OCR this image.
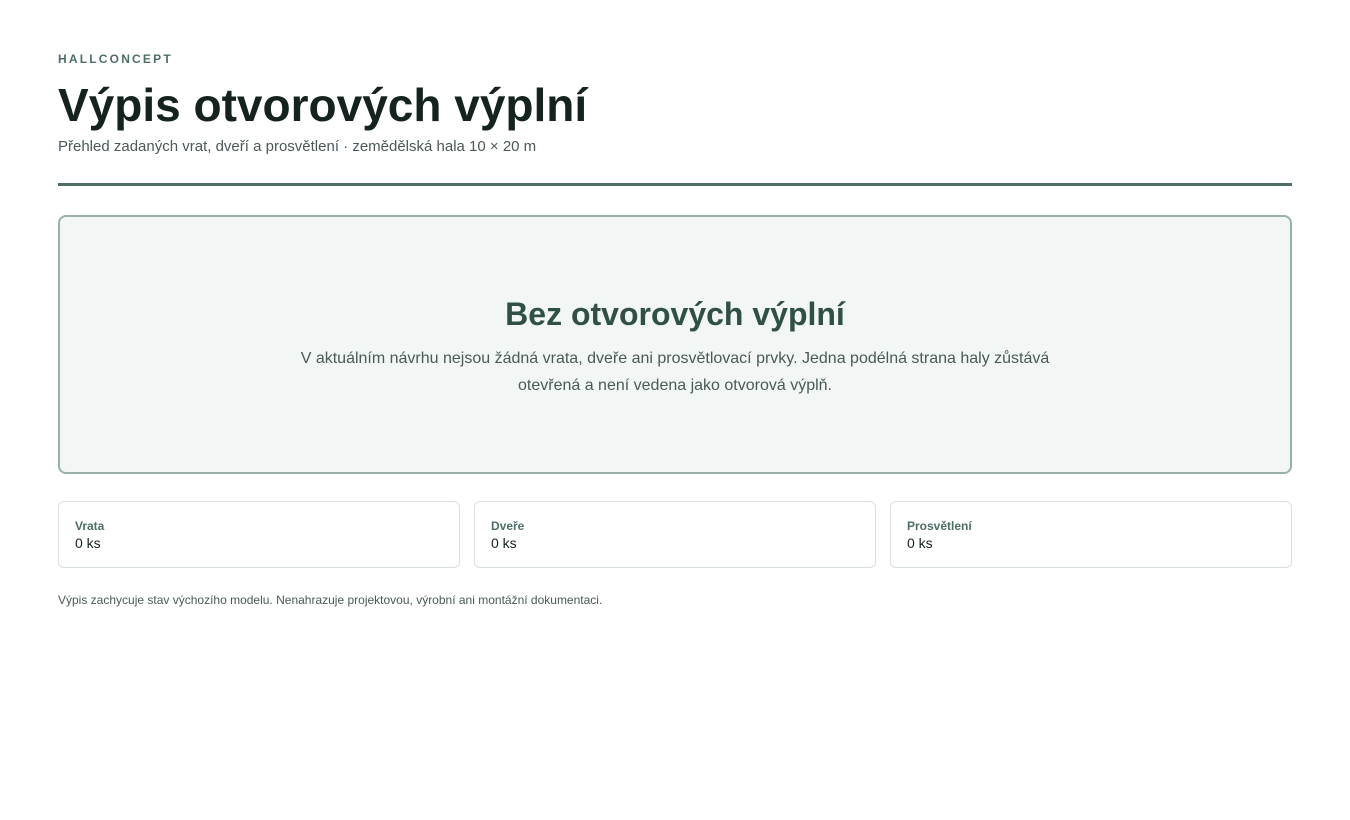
HALLCONCEPT
Výpis otvorových výplní
Přehled zadaných vrat, dveří a prosvětlení · zemědělská hala 10 × 20 m
Bez otvorových výplní

V aktuálním návrhu nejsou žádná vrata, dveře ani prosvětlovací prvky. Jedna podélná strana haly zůstává otevřená a není vedena jako otvorová výplň.

Vrata
0 ks
Dveře
0 ks
Prosvětlení
0 ks
Výpis zachycuje stav výchozího modelu. Nenahrazuje projektovou, výrobní ani montážní dokumentaci.
